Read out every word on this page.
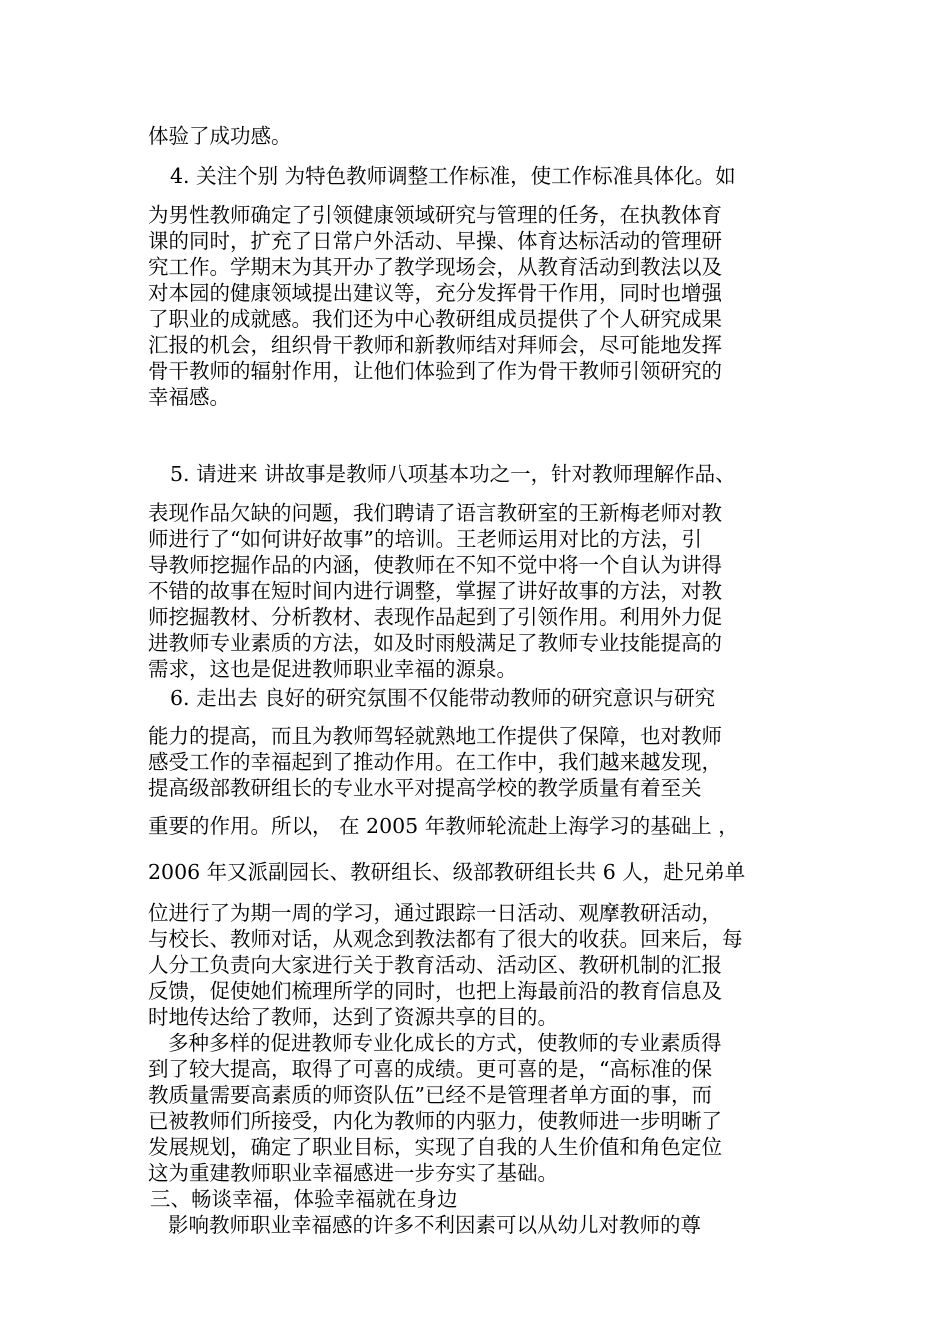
体验了成功感。
4. 关注个别 为特色教师调整工作标准，使工作标准具体化。如
为男性教师确定了引领健康领域研究与管理的任务，在执教体育
课的同时，扩充了日常户外活动、早操、体育达标活动的管理研
究工作。学期末为其开办了教学现场会，从教育活动到教法以及
对本园的健康领域提出建议等，充分发挥骨干作用，同时也增强
了职业的成就感。我们还为中心教研组成员提供了个人研究成果
汇报的机会，组织骨干教师和新教师结对拜师会，尽可能地发挥
骨干教师的辐射作用，让他们体验到了作为骨干教师引领研究的
幸福感。
5. 请进来 讲故事是教师八项基本功之一，针对教师理解作品、
表现作品欠缺的问题，我们聘请了语言教研室的王新梅老师对教
师进行了“如何讲好故事”的培训。王老师运用对比的方法，引
导教师挖掘作品的内涵，使教师在不知不觉中将一个自认为讲得
不错的故事在短时间内进行调整，掌握了讲好故事的方法，对教
师挖掘教材、分析教材、表现作品起到了引领作用。利用外力促
进教师专业素质的方法，如及时雨般满足了教师专业技能提高的
需求，这也是促进教师职业幸福的源泉。
6. 走出去 良好的研究氛围不仅能带动教师的研究意识与研究
能力的提高，而且为教师驾轻就熟地工作提供了保障，也对教师
感受工作的幸福起到了推动作用。在工作中，我们越来越发现，
提高级部教研组长的专业水平对提高学校的教学质量有着至关
重要的作用。所以， 在 2005 年教师轮流赴上海学习的基础上 ，
2006 年又派副园长、教研组长、级部教研组长共 6 人，赴兄弟单
位进行了为期一周的学习，通过跟踪一日活动、观摩教研活动，
与校长、教师对话，从观念到教法都有了很大的收获。回来后，每
人分工负责向大家进行关于教育活动、活动区、教研机制的汇报
反馈，促使她们梳理所学的同时，也把上海最前沿的教育信息及
时地传达给了教师，达到了资源共享的目的。
多种多样的促进教师专业化成长的方式，使教师的专业素质得
到了较大提高，取得了可喜的成绩。更可喜的是，“高标准的保
教质量需要高素质的师资队伍”已经不是管理者单方面的事，而
已被教师们所接受，内化为教师的内驱力，使教师进一步明晰了
发展规划，确定了职业目标，实现了自我的人生价值和角色定位
这为重建教师职业幸福感进一步夯实了基础。
三、畅谈幸福，体验幸福就在身边
影响教师职业幸福感的许多不利因素可以从幼儿对教师的尊
